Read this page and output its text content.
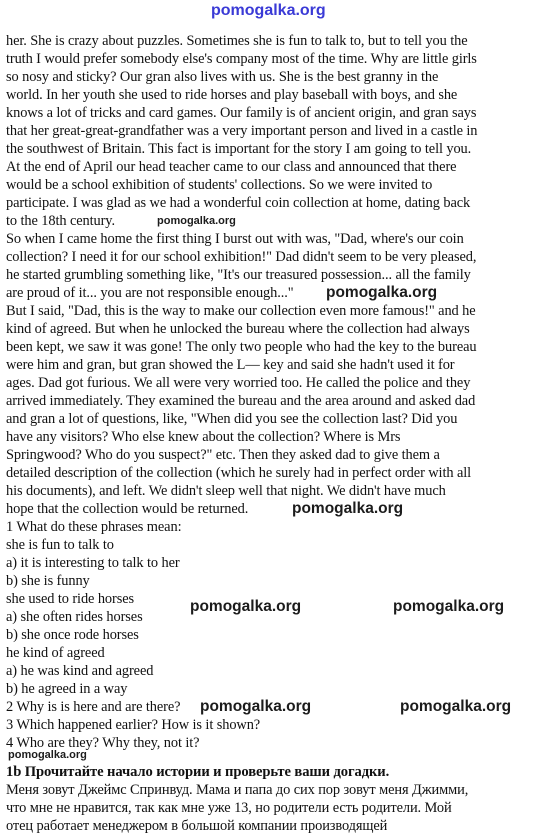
pomogalka.org
her. She is crazy about puzzles. Sometimes she is fun to talk to, but to tell you the
truth I would prefer somebody else's company most of the time. Why are little girls
so nosy and sticky? Our gran also lives with us. She is the best granny in the
world. In her youth she used to ride horses and play baseball with boys, and she
knows a lot of tricks and card games. Our family is of ancient origin, and gran says
that her great-great-grandfather was a very important person and lived in a castle in
the southwest of Britain. This fact is important for the story I am going to tell you.
At the end of April our head teacher came to our class and announced that there
would be a school exhibition of students' collections. So we were invited to
participate. I was glad as we had a wonderful coin collection at home, dating back
to the 18th century.
So when I came home the first thing I burst out with was, "Dad, where's our coin
collection? I need it for our school exhibition!" Dad didn't seem to be very pleased,
he started grumbling something like, "It's our treasured possession... all the family
are proud of it... you are not responsible enough..."
But I said, "Dad, this is the way to make our collection even more famous!" and he
kind of agreed. But when he unlocked the bureau where the collection had always
been kept, we saw it was gone! The only two people who had the key to the bureau
were him and gran, but gran showed the L— key and said she hadn't used it for
ages. Dad got furious. We all were very worried too. He called the police and they
arrived immediately. They examined the bureau and the area around and asked dad
and gran a lot of questions, like, "When did you see the collection last? Did you
have any visitors? Who else knew about the collection? Where is Mrs
Springwood? Who do you suspect?" etc. Then they asked dad to give them a
detailed description of the collection (which he surely had in perfect order with all
his documents), and left. We didn't sleep well that night. We didn't have much
hope that the collection would be returned.
1 What do these phrases mean:
she is fun to talk to
a) it is interesting to talk to her
b) she is funny
she used to ride horses
a) she often rides horses
b) she once rode horses
he kind of agreed
a) he was kind and agreed
b) he agreed in a way
2 Why is is here and are there?
3 Which happened earlier? How is it shown?
4 Who are they? Why they, not it?
1b Прочитайте начало истории и проверьте ваши догадки.
Меня зовут Джеймс Спринвуд. Мама и папа до сих пор зовут меня Джимми,
что мне не нравится, так как мне уже 13, но родители есть родители. Мой
отец работает менеджером в большой компании производящей
pomogalka.org
pomogalka.org
pomogalka.org
pomogalka.org	pomogalka.org
pomogalka.org	pomogalka.org
pomogalka.org
